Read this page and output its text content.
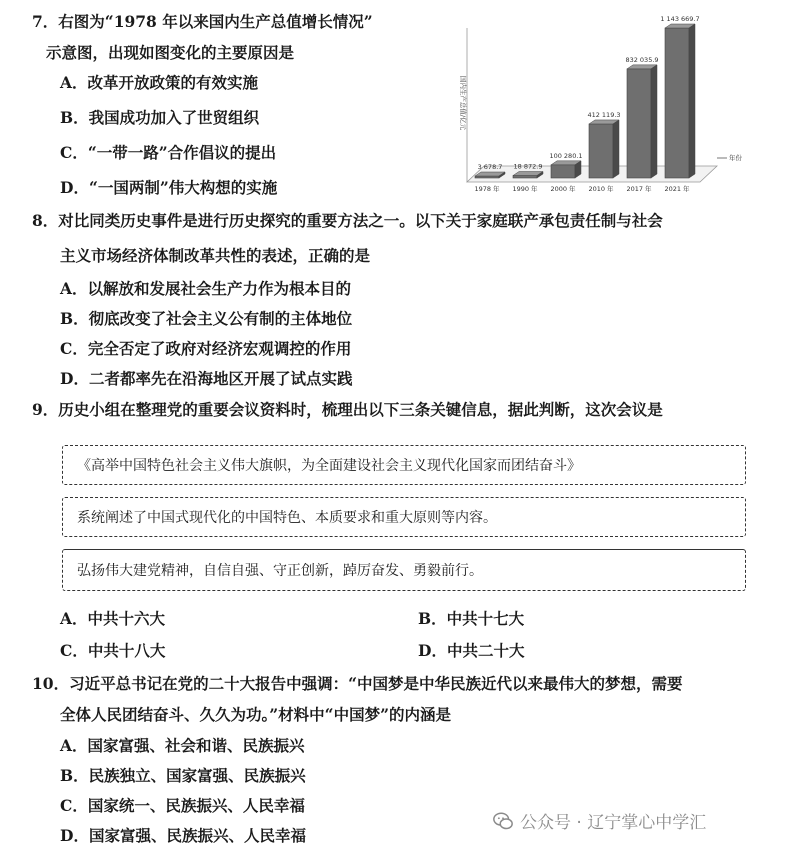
7．右图为“1978 年以来国内生产总值增长情况”
示意图，出现如图变化的主要原因是
A．改革开放政策的有效实施
B．我国成功加入了世贸组织
C．“一带一路”合作倡议的提出
D．“一国两制”伟大构想的实施
国内生产总值/亿元
3 678.7
1978 年
18 872.9
1990 年
100 280.1
2000 年
412 119.3
2010 年
832 035.9
2017 年
1 143 669.7
2021 年
年份
8．对比同类历史事件是进行历史探究的重要方法之一。以下关于家庭联产承包责任制与社会
主义市场经济体制改革共性的表述，正确的是
A．以解放和发展社会生产力作为根本目的
B．彻底改变了社会主义公有制的主体地位
C．完全否定了政府对经济宏观调控的作用
D．二者都率先在沿海地区开展了试点实践
9．历史小组在整理党的重要会议资料时，梳理出以下三条关键信息，据此判断，这次会议是
《高举中国特色社会主义伟大旗帜，为全面建设社会主义现代化国家而团结奋斗》
系统阐述了中国式现代化的中国特色、本质要求和重大原则等内容。
弘扬伟大建党精神，自信自强、守正创新，踔厉奋发、勇毅前行。
A．中共十六大	B．中共十七大
C．中共十八大	D．中共二十大
10．习近平总书记在党的二十大报告中强调：“中国梦是中华民族近代以来最伟大的梦想，需要
全体人民团结奋斗、久久为功。”材料中“中国梦”的内涵是
A．国家富强、社会和谐、民族振兴
B．民族独立、国家富强、民族振兴
C．国家统一、民族振兴、人民幸福
D．国家富强、民族振兴、人民幸福
公众号 · 辽宁掌心中学汇
